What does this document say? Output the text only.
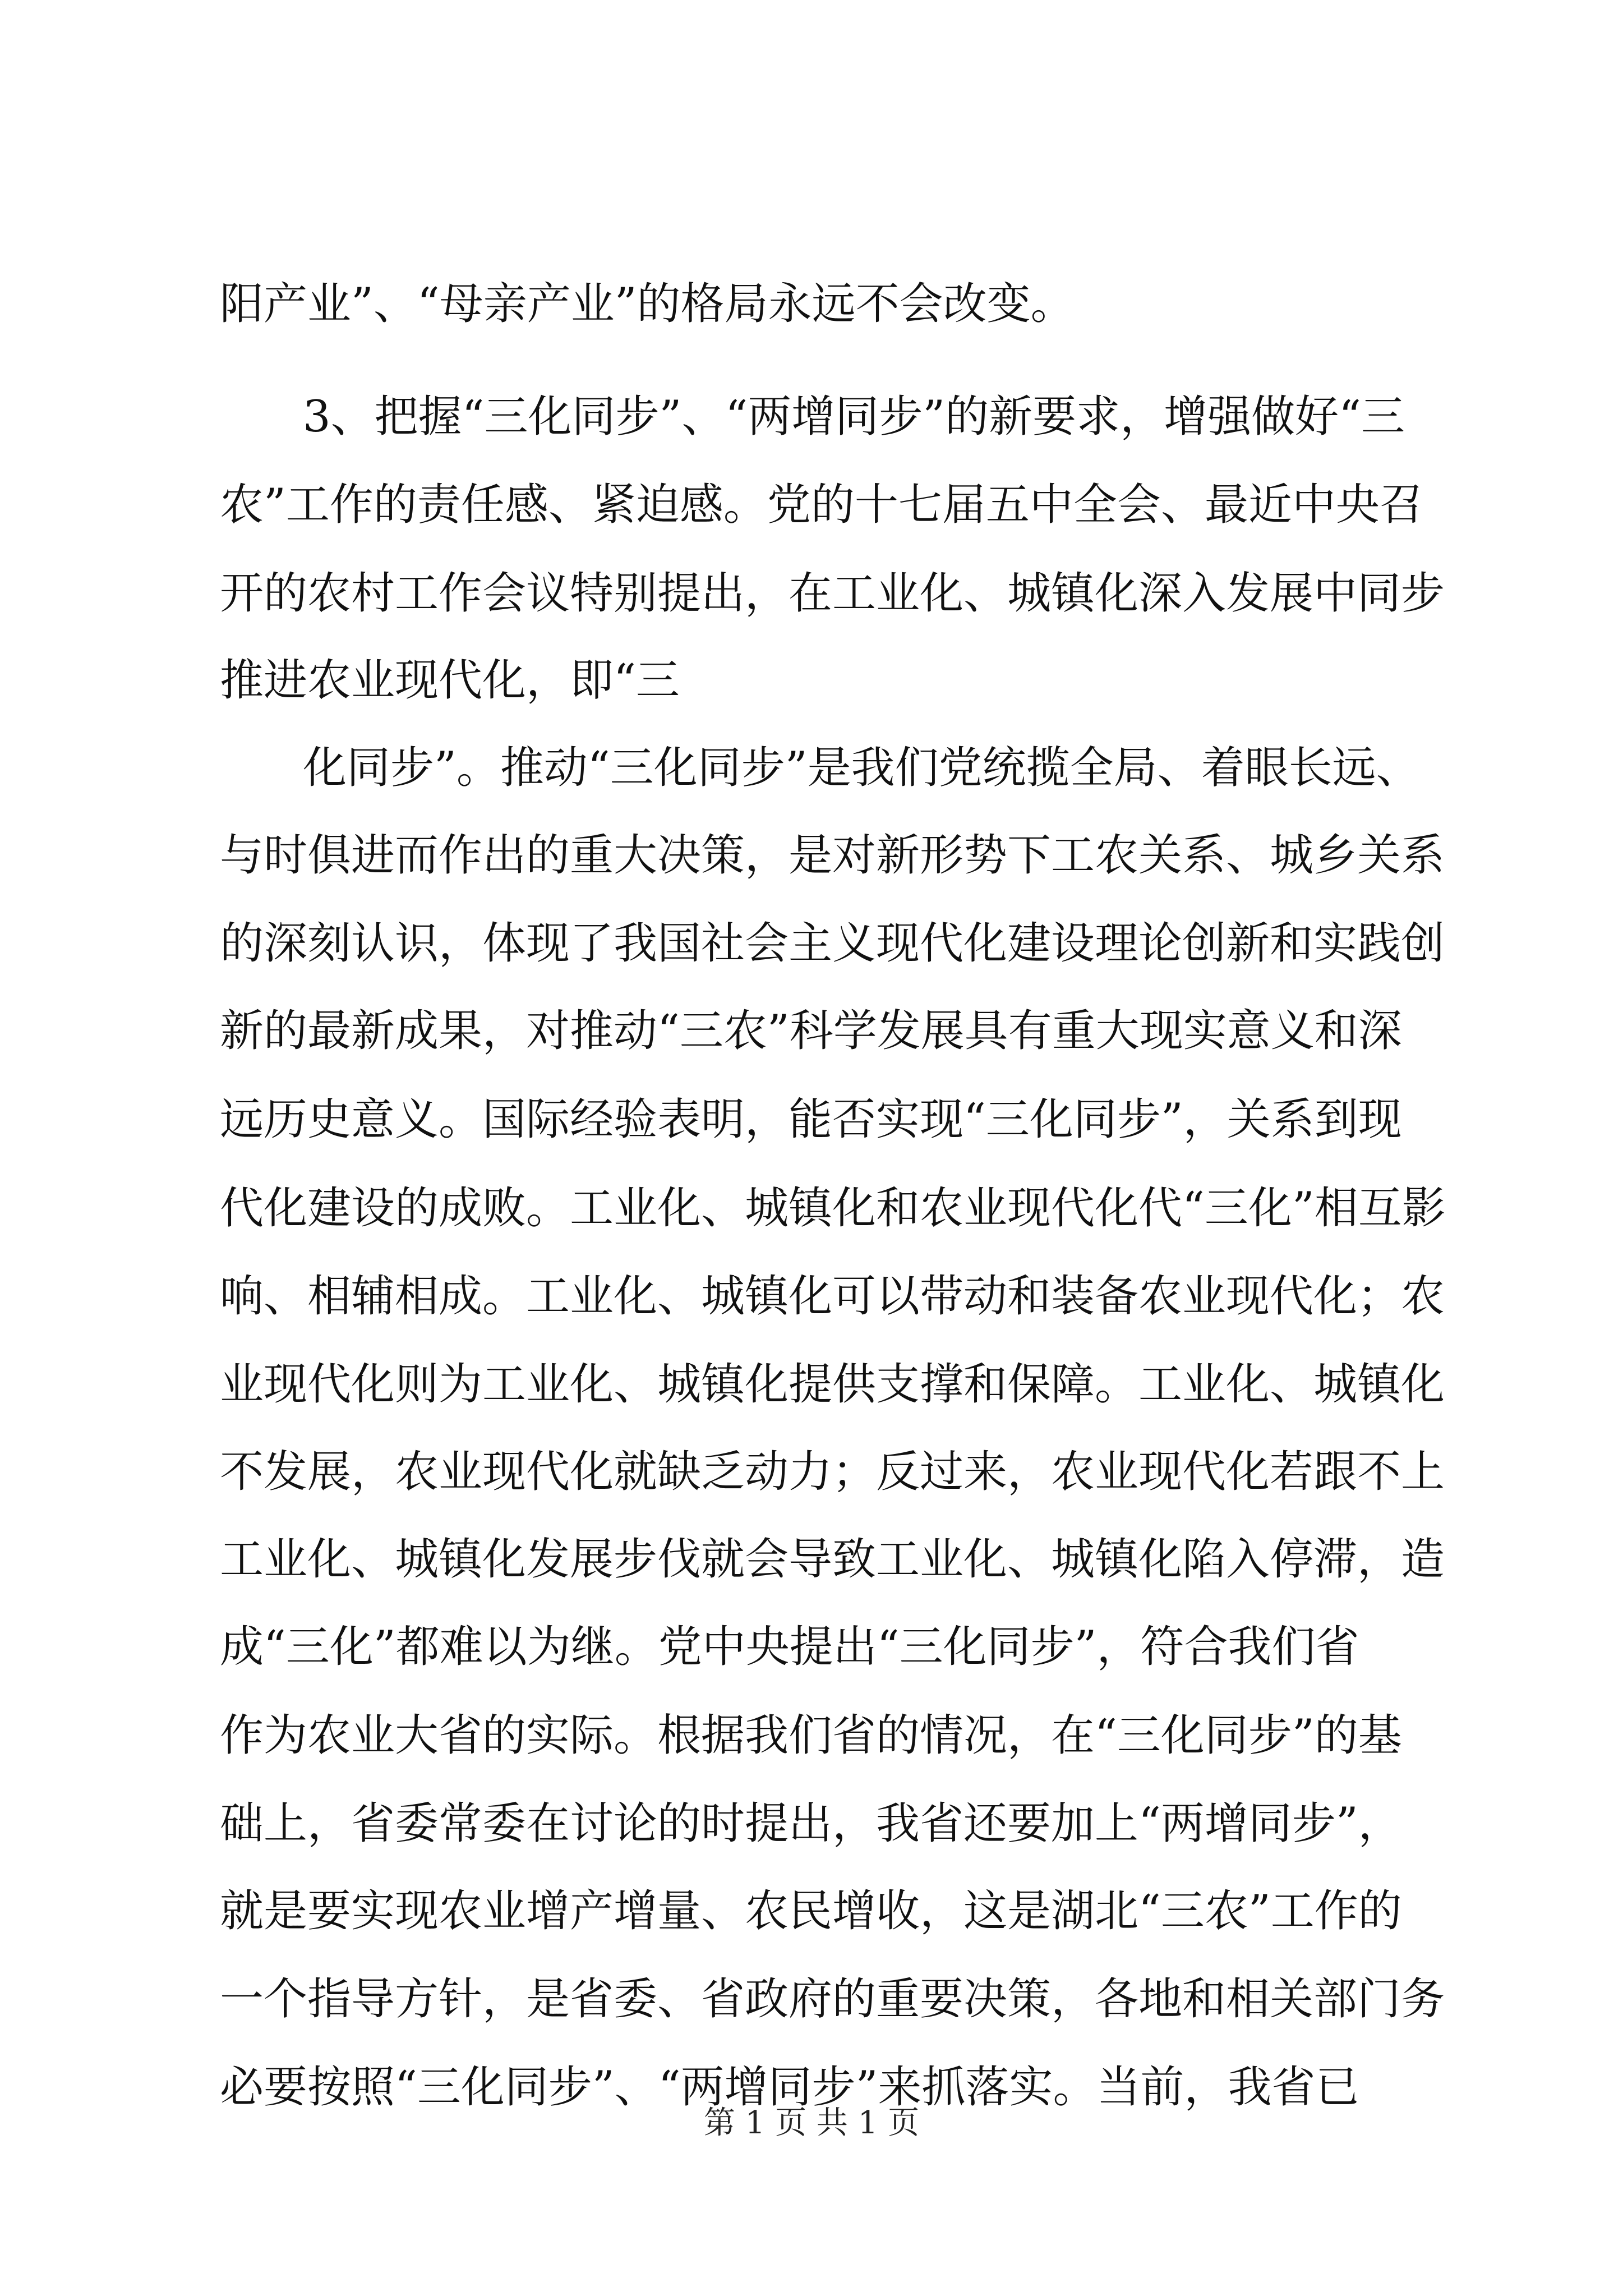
阳产业”、“母亲产业”的格局永远不会改变。
3、把握“三化同步”、“两增同步”的新要求，增强做好“三
农”工作的责任感、紧迫感。党的十七届五中全会、最近中央召
开的农村工作会议特别提出，在工业化、城镇化深入发展中同步
推进农业现代化，即“三
化同步”。推动“三化同步”是我们党统揽全局、着眼长远、
与时俱进而作出的重大决策，是对新形势下工农关系、城乡关系
的深刻认识，体现了我国社会主义现代化建设理论创新和实践创
新的最新成果，对推动“三农”科学发展具有重大现实意义和深
远历史意义。国际经验表明，能否实现“三化同步”，关系到现
代化建设的成败。工业化、城镇化和农业现代化代“三化”相互影
响、相辅相成。工业化、城镇化可以带动和装备农业现代化；农
业现代化则为工业化、城镇化提供支撑和保障。工业化、城镇化
不发展，农业现代化就缺乏动力；反过来，农业现代化若跟不上
工业化、城镇化发展步伐就会导致工业化、城镇化陷入停滞，造
成“三化”都难以为继。党中央提出“三化同步”，符合我们省
作为农业大省的实际。根据我们省的情况，在“三化同步”的基
础上，省委常委在讨论的时提出，我省还要加上“两增同步”，
就是要实现农业增产增量、农民增收，这是湖北“三农”工作的
一个指导方针，是省委、省政府的重要决策，各地和相关部门务
必要按照“三化同步”、“两增同步”来抓落实。当前，我省已
第 1 页 共 1 页
